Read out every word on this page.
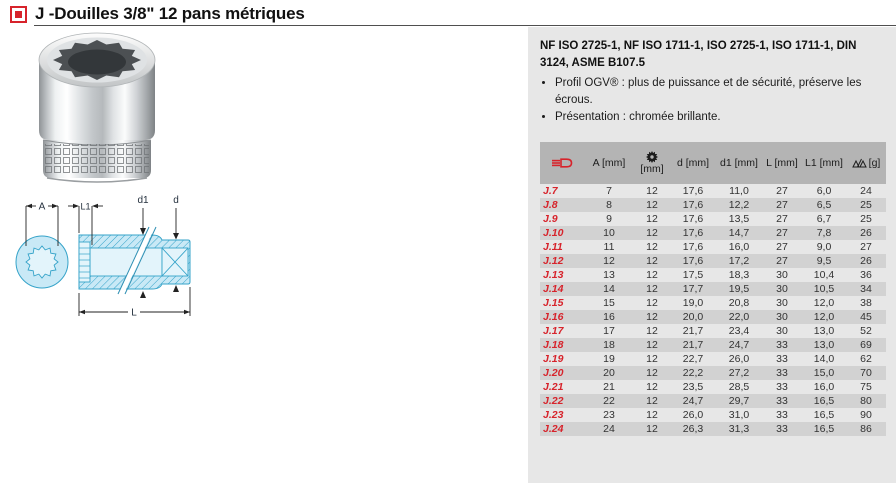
J -Douilles 3/8" 12 pans métriques
A	L1
d1 d
L
NF ISO 2725-1, NF ISO 1711-1, ISO 2725-1, ISO 1711-1, DIN 3124, ASME B107.5
• Profil OGV® : plus de puissance et de sécurité, préserve les écrous.
• Présentation : chromée brillante.
A [mm]
[mm]
d [mm]	d1 [mm] L [mm] L1 [mm] [g]
J.7	7	12	17,6	11,0	27	6,0	24
J.8	8	12	17,6	12,2	27	6,5	25
J.9	9	12	17,6	13,5	27	6,7	25
J.10	10	12	17,6	14,7	27	7,8	26
J.11	11	12	17,6	16,0	27	9,0	27
J.12	12	12	17,6	17,2	27	9,5	26
J.13	13	12	17,5	18,3	30	10,4	36
J.14	14	12	17,7	19,5	30	10,5	34
J.15	15	12	19,0	20,8	30	12,0	38
J.16	16	12	20,0	22,0	30	12,0	45
J.17	17	12	21,7	23,4	30	13,0	52
J.18	18	12	21,7	24,7	33	13,0	69
J.19	19	12	22,7	26,0	33	14,0	62
J.20	20	12	22,2	27,2	33	15,0	70
J.21	21	12	23,5	28,5	33	16,0	75
J.22	22	12	24,7	29,7	33	16,5	80
J.23	23	12	26,0	31,0	33	16,5	90
J.24	24	12	26,3	31,3	33	16,5	86
